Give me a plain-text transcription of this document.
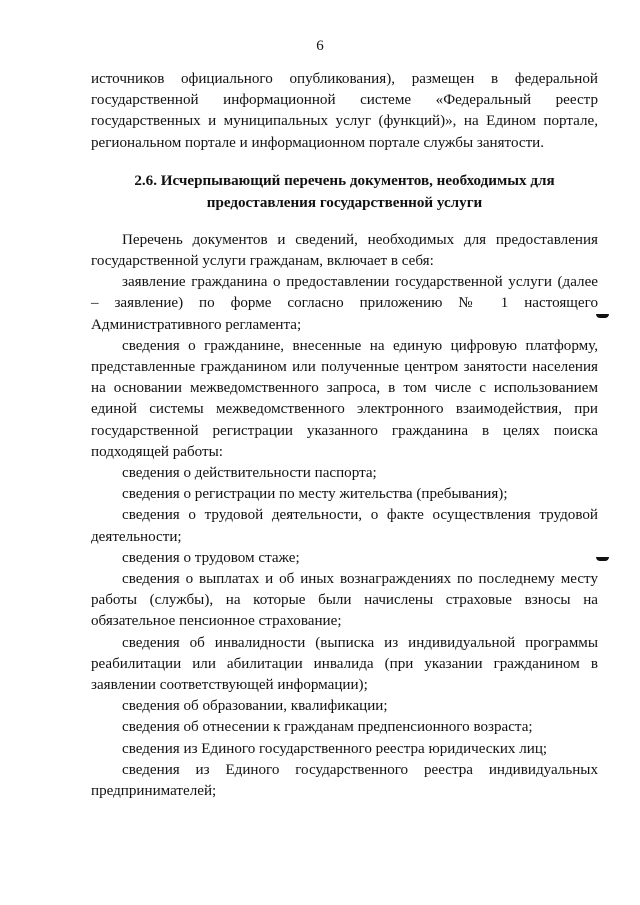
6

источников официального опубликования), размещен в федеральной государственной информационной системе «Федеральный реестр государственных и муниципальных услуг (функций)», на Едином портале, региональном портале и информационном портале службы занятости.

2.6. Исчерпывающий перечень документов, необходимых для
предоставления государственной услуги

Перечень документов и сведений, необходимых для предоставления государственной услуги гражданам, включает в себя:

заявление гражданина о предоставлении государственной услуги (далее – заявление) по форме согласно приложению № 1 настоящего Административного регламента;

сведения о гражданине, внесенные на единую цифровую платформу, представленные гражданином или полученные центром занятости населения на основании межведомственного запроса, в том числе с использованием единой системы межведомственного электронного взаимодействия, при государственной регистрации указанного гражданина в целях поиска подходящей работы:

сведения о действительности паспорта;

сведения о регистрации по месту жительства (пребывания);

сведения о трудовой деятельности, о факте осуществления трудовой деятельности;

сведения о трудовом стаже;

сведения о выплатах и об иных вознаграждениях по последнему месту работы (службы), на которые были начислены страховые взносы на обязательное пенсионное страхование;

сведения об инвалидности (выписка из индивидуальной программы реабилитации или абилитации инвалида (при указании гражданином в заявлении соответствующей информации);

сведения об образовании, квалификации;

сведения об отнесении к гражданам предпенсионного возраста;

сведения из Единого государственного реестра юридических лиц;

сведения из Единого государственного реестра индивидуальных предпринимателей;
